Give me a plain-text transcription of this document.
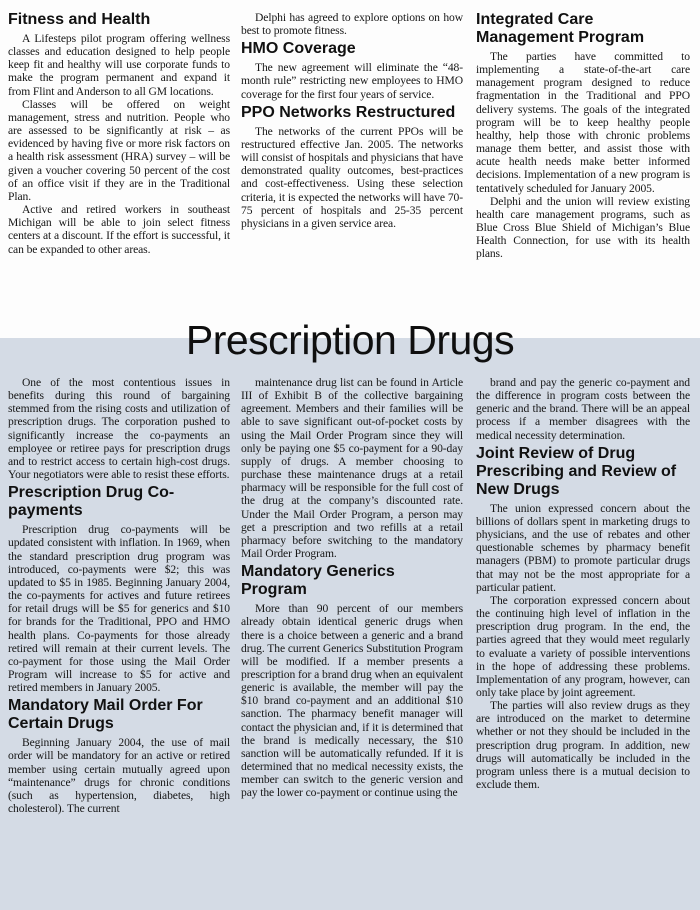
Prescription Drugs
Fitness and Health

A Lifesteps pilot program offering wellness classes and education designed to help people keep fit and healthy will use corporate funds to make the program permanent and expand it from Flint and Anderson to all GM locations.

Classes will be offered on weight management, stress and nutrition. People who are assessed to be significantly at risk – as evidenced by having five or more risk factors on a health risk assessment (HRA) survey – will be given a voucher covering 50 percent of the cost of an office visit if they are in the Traditional Plan.

Active and retired workers in southeast Michigan will be able to join select fitness centers at a discount. If the effort is successful, it can be expanded to other areas.

Delphi has agreed to explore options on how best to promote fitness.

HMO Coverage

The new agreement will eliminate the “48-month rule” restricting new employees to HMO coverage for the first four years of service.

PPO Networks Restructured

The networks of the current PPOs will be restructured effective Jan. 2005. The networks will consist of hospitals and physicians that have demonstrated quality outcomes, best-practices and cost-effectiveness. Using these selection criteria, it is expected the networks will have 70-75 percent of hospitals and 25-35 percent physicians in a given service area.

Integrated Care Management Program

The parties have committed to implementing a state-of-the-art care management program designed to reduce fragmentation in the Traditional and PPO delivery systems. The goals of the integrated program will be to keep healthy people healthy, help those with chronic problems manage them better, and assist those with acute health needs make better informed decisions. Implementation of a new program is tentatively scheduled for January 2005.

Delphi and the union will review existing health care management programs, such as Blue Cross Blue Shield of Michigan’s Blue Health Connection, for use with its health plans.

One of the most contentious issues in benefits during this round of bargaining stemmed from the rising costs and utilization of prescription drugs. The corporation pushed to significantly increase the co-payments an employee or retiree pays for prescription drugs and to restrict access to certain high-cost drugs. Your negotiators were able to resist these efforts.

Prescription Drug Co-payments

Prescription drug co-payments will be updated consistent with inflation. In 1969, when the standard prescription drug program was introduced, co-payments were $2; this was updated to $5 in 1985. Beginning January 2004, the co-payments for actives and future retirees for retail drugs will be $5 for generics and $10 for brands for the Traditional, PPO and HMO health plans. Co-payments for those already retired will remain at their current levels. The co-payment for those using the Mail Order Program will increase to $5 for active and retired members in January 2005.

Mandatory Mail Order For Certain Drugs

Beginning January 2004, the use of mail order will be mandatory for an active or retired member using certain mutually agreed upon “maintenance” drugs for chronic conditions (such as hypertension, diabetes, high cholesterol). The current

maintenance drug list can be found in Article III of Exhibit B of the collective bargaining agreement. Members and their families will be able to save significant out-of-pocket costs by using the Mail Order Program since they will only be paying one $5 co-payment for a 90-day supply of drugs. A member choosing to purchase these maintenance drugs at a retail pharmacy will be responsible for the full cost of the drug at the company’s discounted rate. Under the Mail Order Program, a person may get a prescription and two refills at a retail pharmacy before switching to the mandatory Mail Order Program.

Mandatory Generics Program

More than 90 percent of our members already obtain identical generic drugs when there is a choice between a generic and a brand drug. The current Generics Substitution Program will be modified. If a member presents a prescription for a brand drug when an equivalent generic is available, the member will pay the $10 brand co-payment and an additional $10 sanction. The pharmacy benefit manager will contact the physician and, if it is determined that the brand is medically necessary, the $10 sanction will be automatically refunded. If it is determined that no medical necessity exists, the member can switch to the generic version and pay the lower co-payment or continue using the

brand and pay the generic co-payment and the difference in program costs between the generic and the brand. There will be an appeal process if a member disagrees with the medical necessity determination.

Joint Review of Drug Prescribing and Review of New Drugs

The union expressed concern about the billions of dollars spent in marketing drugs to physicians, and the use of rebates and other questionable schemes by pharmacy benefit managers (PBM) to promote particular drugs that may not be the most appropriate for a particular patient.

The corporation expressed concern about the continuing high level of inflation in the prescription drug program. In the end, the parties agreed that they would meet regularly to evaluate a variety of possible interventions in the hope of addressing these problems. Implementation of any program, however, can only take place by joint agreement.

The parties will also review drugs as they are introduced on the market to determine whether or not they should be included in the prescription drug program. In addition, new drugs will automatically be included in the program unless there is a mutual decision to exclude them.
